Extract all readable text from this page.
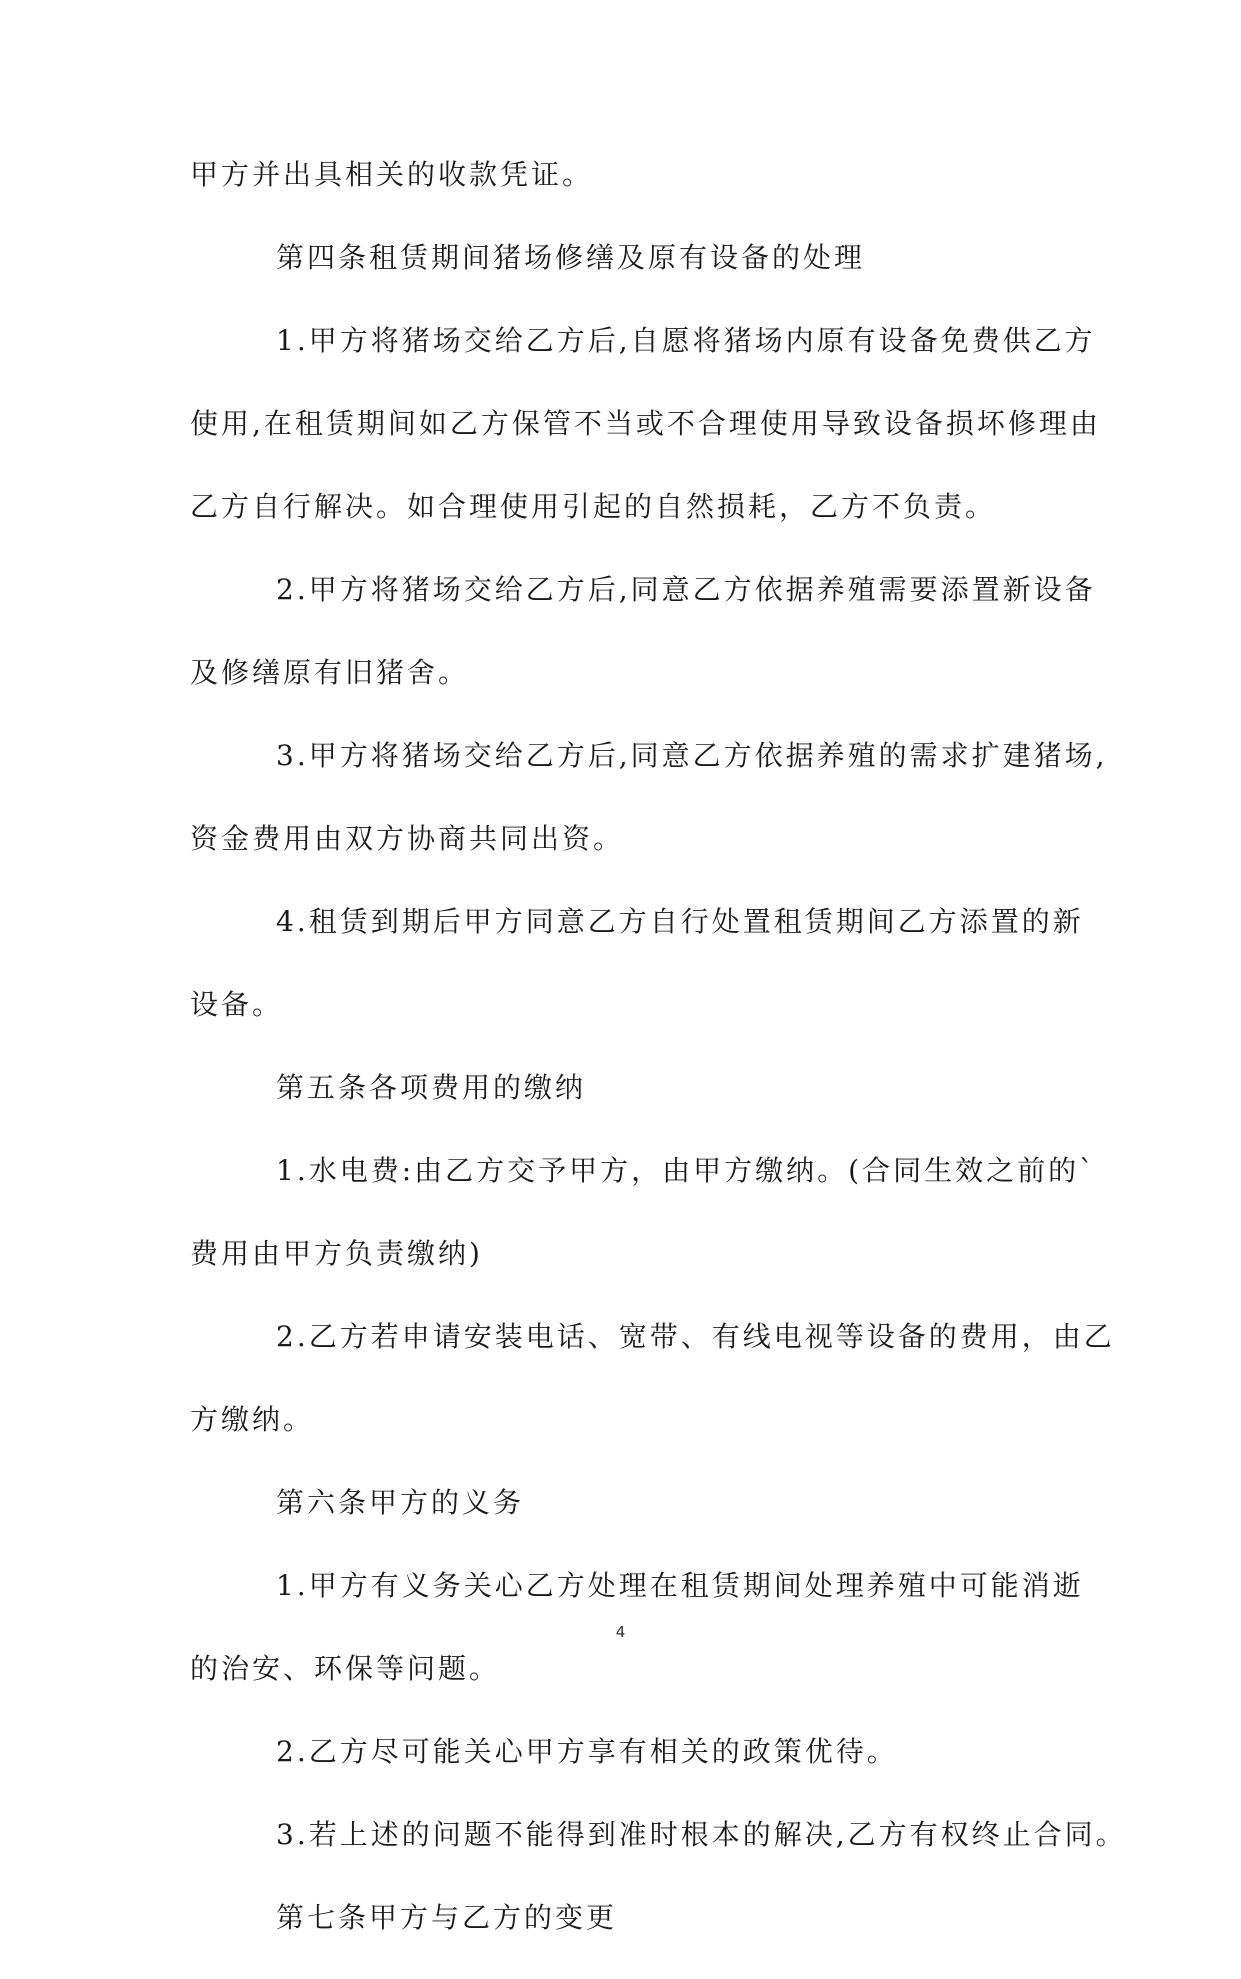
甲方并出具相关的收款凭证。
第四条租赁期间猪场修缮及原有设备的处理
1.甲方将猪场交给乙方后,自愿将猪场内原有设备免费供乙方
使用,在租赁期间如乙方保管不当或不合理使用导致设备损坏修理由
乙方自行解决。如合理使用引起的自然损耗，乙方不负责。
2.甲方将猪场交给乙方后,同意乙方依据养殖需要添置新设备
及修缮原有旧猪舍。
3.甲方将猪场交给乙方后,同意乙方依据养殖的需求扩建猪场,
资金费用由双方协商共同出资。
4.租赁到期后甲方同意乙方自行处置租赁期间乙方添置的新
设备。
第五条各项费用的缴纳
1.水电费:由乙方交予甲方，由甲方缴纳。(合同生效之前的`
费用由甲方负责缴纳)
2.乙方若申请安装电话、宽带、有线电视等设备的费用，由乙
方缴纳。
第六条甲方的义务
1.甲方有义务关心乙方处理在租赁期间处理养殖中可能消逝
的治安、环保等问题。
2.乙方尽可能关心甲方享有相关的政策优待。
3.若上述的问题不能得到准时根本的解决,乙方有权终止合同。
第七条甲方与乙方的变更
4
